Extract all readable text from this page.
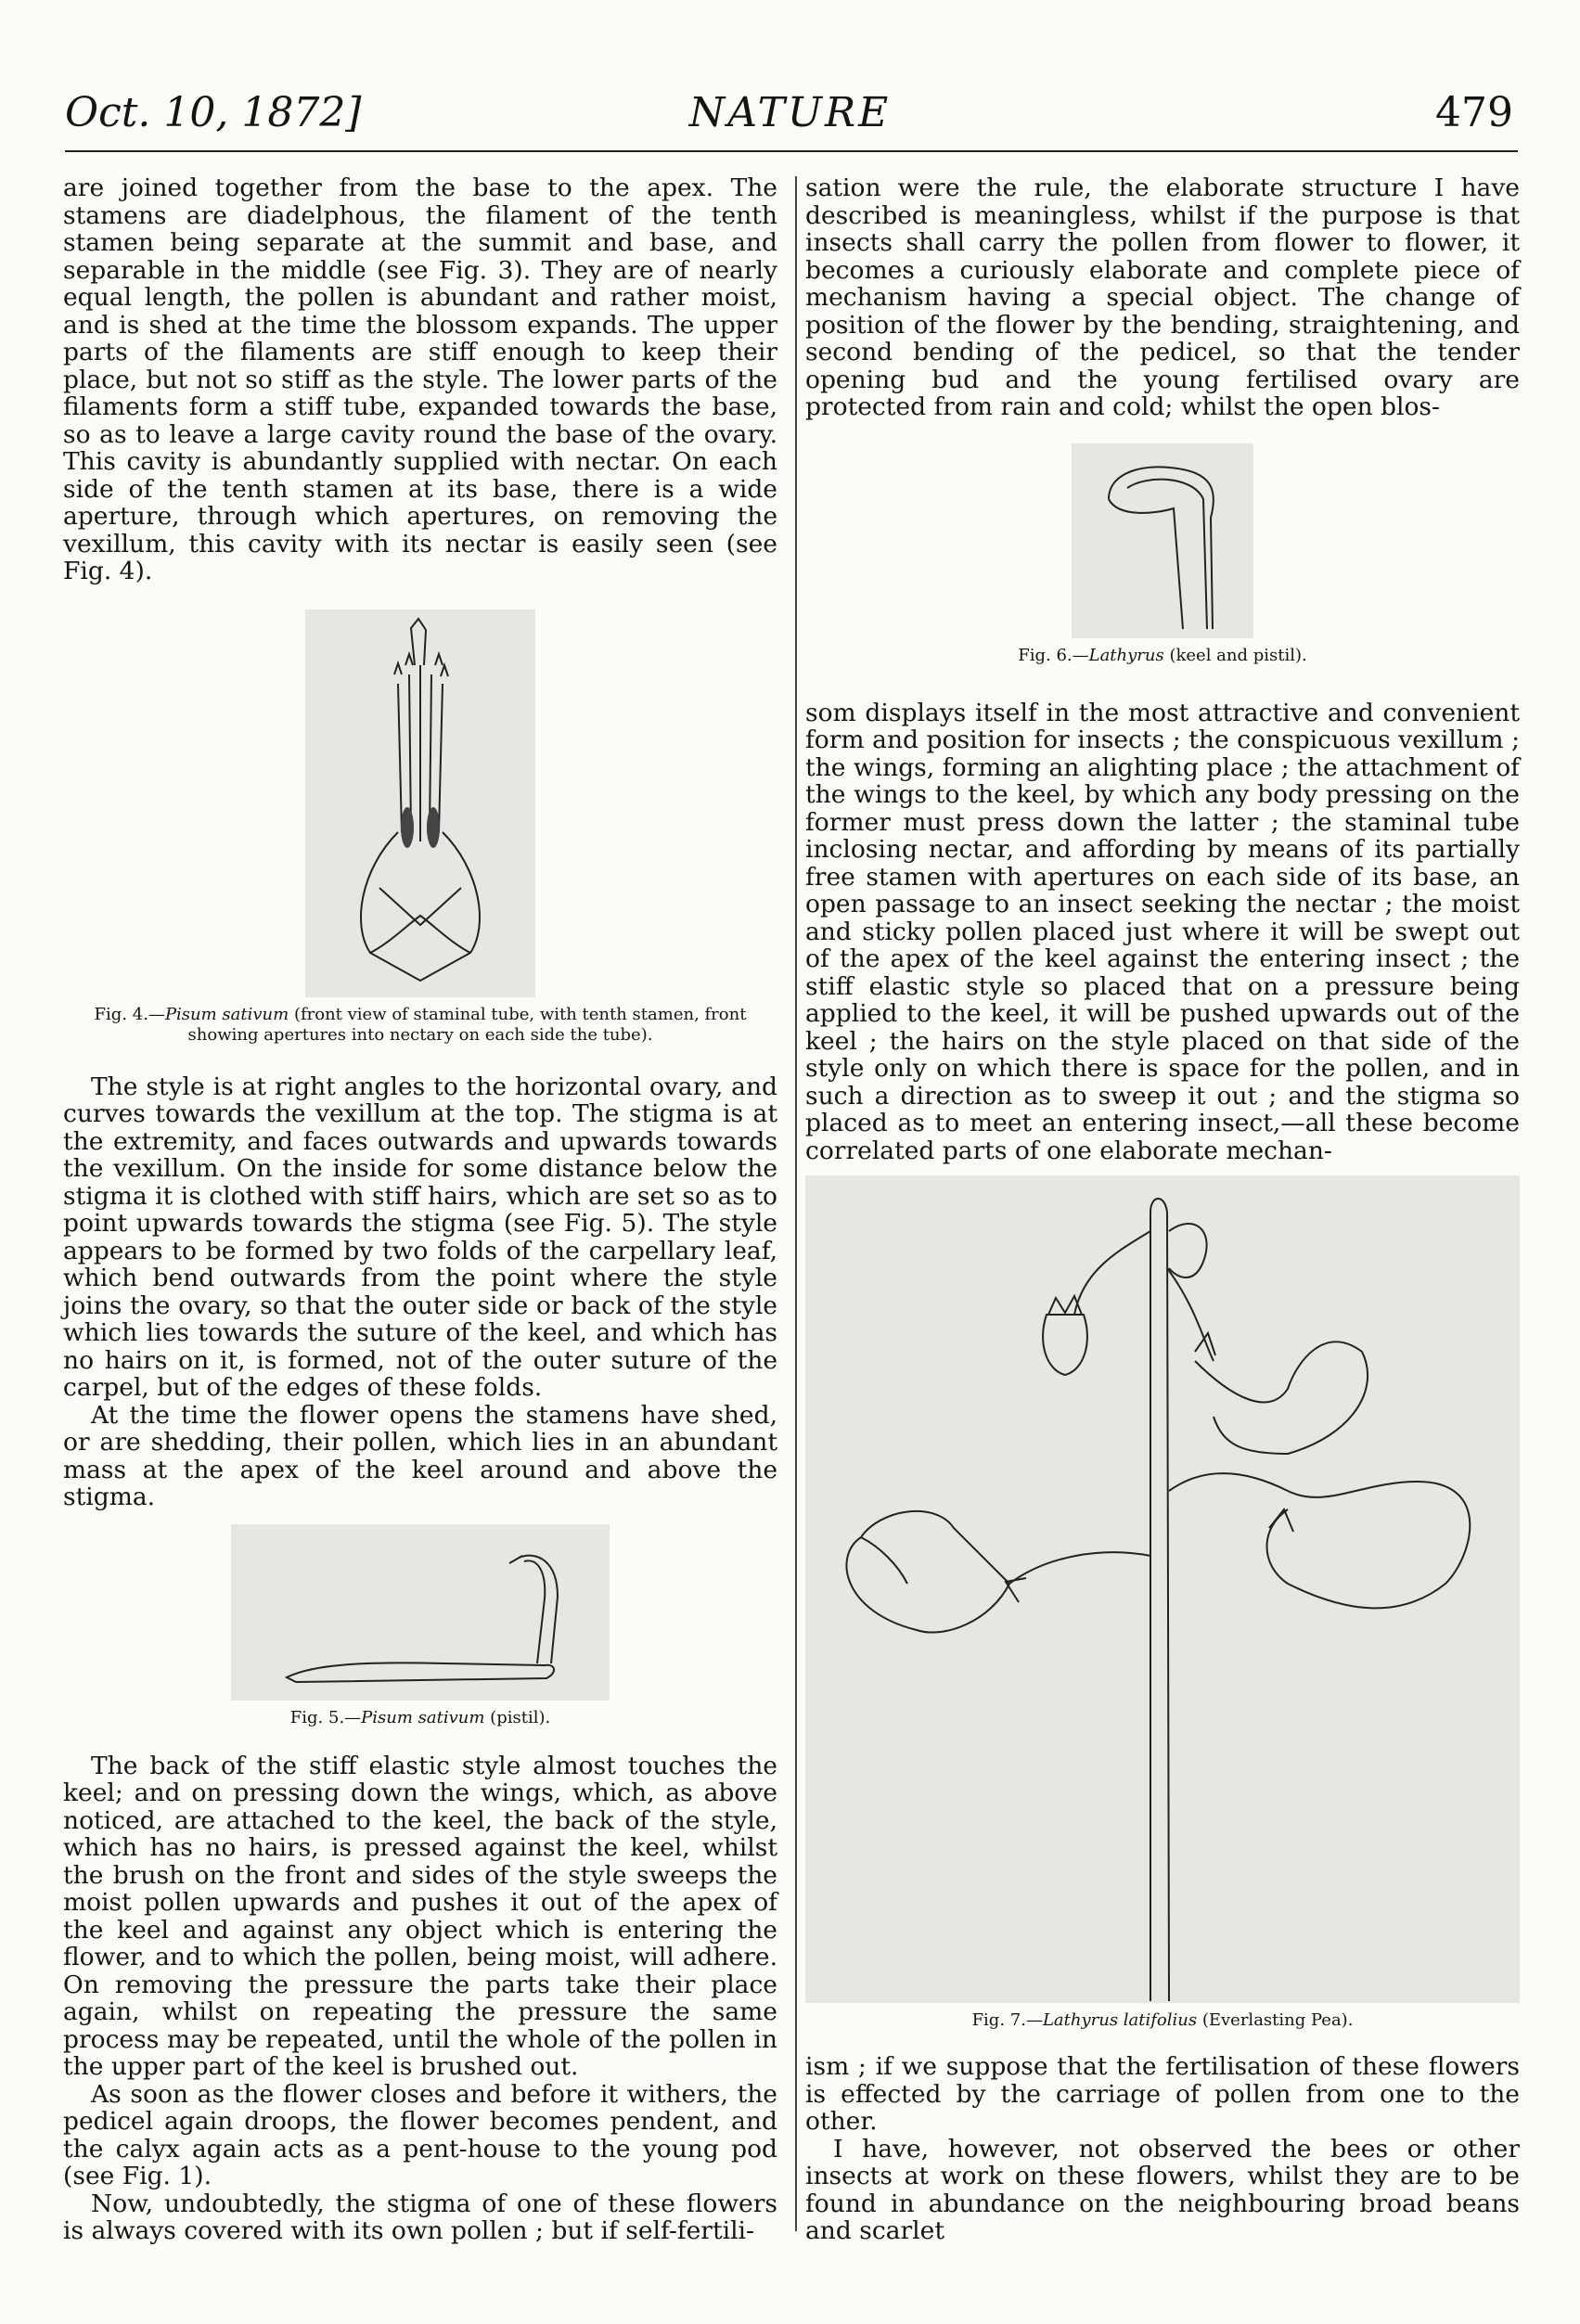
Oct. 10, 1872]	NATURE	479

are joined together from the base to the apex. The stamens are diadelphous, the filament of the tenth stamen being separate at the summit and base, and separable in the middle (see Fig. 3). They are of nearly equal length, the pollen is abundant and rather moist, and is shed at the time the blossom expands. The upper parts of the filaments are stiff enough to keep their place, but not so stiff as the style. The lower parts of the filaments form a stiff tube, expanded towards the base, so as to leave a large cavity round the base of the ovary. This cavity is abundantly supplied with nectar. On each side of the tenth stamen at its base, there is a wide aperture, through which apertures, on removing the vexillum, this cavity with its nectar is easily seen (see Fig. 4).

Fig. 4.—Pisum sativum (front view of staminal tube, with tenth stamen, front showing apertures into nectary on each side the tube).

The style is at right angles to the horizontal ovary, and curves towards the vexillum at the top. The stigma is at the extremity, and faces outwards and upwards towards the vexillum. On the inside for some distance below the stigma it is clothed with stiff hairs, which are set so as to point upwards towards the stigma (see Fig. 5). The style appears to be formed by two folds of the carpellary leaf, which bend outwards from the point where the style joins the ovary, so that the outer side or back of the style which lies towards the suture of the keel, and which has no hairs on it, is formed, not of the outer suture of the carpel, but of the edges of these folds.

At the time the flower opens the stamens have shed, or are shedding, their pollen, which lies in an abundant mass at the apex of the keel around and above the stigma.

Fig. 5.—Pisum sativum (pistil).

The back of the stiff elastic style almost touches the keel; and on pressing down the wings, which, as above noticed, are attached to the keel, the back of the style, which has no hairs, is pressed against the keel, whilst the brush on the front and sides of the style sweeps the moist pollen upwards and pushes it out of the apex of the keel and against any object which is entering the flower, and to which the pollen, being moist, will adhere. On removing the pressure the parts take their place again, whilst on repeating the pressure the same process may be repeated, until the whole of the pollen in the upper part of the keel is brushed out.

As soon as the flower closes and before it withers, the pedicel again droops, the flower becomes pendent, and the calyx again acts as a pent-house to the young pod (see Fig. 1).

Now, undoubtedly, the stigma of one of these flowers is always covered with its own pollen ; but if self-fertili-

sation were the rule, the elaborate structure I have described is meaningless, whilst if the purpose is that insects shall carry the pollen from flower to flower, it becomes a curiously elaborate and complete piece of mechanism having a special object. The change of position of the flower by the bending, straightening, and second bending of the pedicel, so that the tender opening bud and the young fertilised ovary are protected from rain and cold; whilst the open blos-

Fig. 6.—Lathyrus (keel and pistil).

som displays itself in the most attractive and convenient form and position for insects ; the conspicuous vexillum ; the wings, forming an alighting place ; the attachment of the wings to the keel, by which any body pressing on the former must press down the latter ; the staminal tube inclosing nectar, and affording by means of its partially free stamen with apertures on each side of its base, an open passage to an insect seeking the nectar ; the moist and sticky pollen placed just where it will be swept out of the apex of the keel against the entering insect ; the stiff elastic style so placed that on a pressure being applied to the keel, it will be pushed upwards out of the keel ; the hairs on the style placed on that side of the style only on which there is space for the pollen, and in such a direction as to sweep it out ; and the stigma so placed as to meet an entering insect,—all these become correlated parts of one elaborate mechan-

Fig. 7.—Lathyrus latifolius (Everlasting Pea).

ism ; if we suppose that the fertilisation of these flowers is effected by the carriage of pollen from one to the other.

I have, however, not observed the bees or other insects at work on these flowers, whilst they are to be found in abundance on the neighbouring broad beans and scarlet
